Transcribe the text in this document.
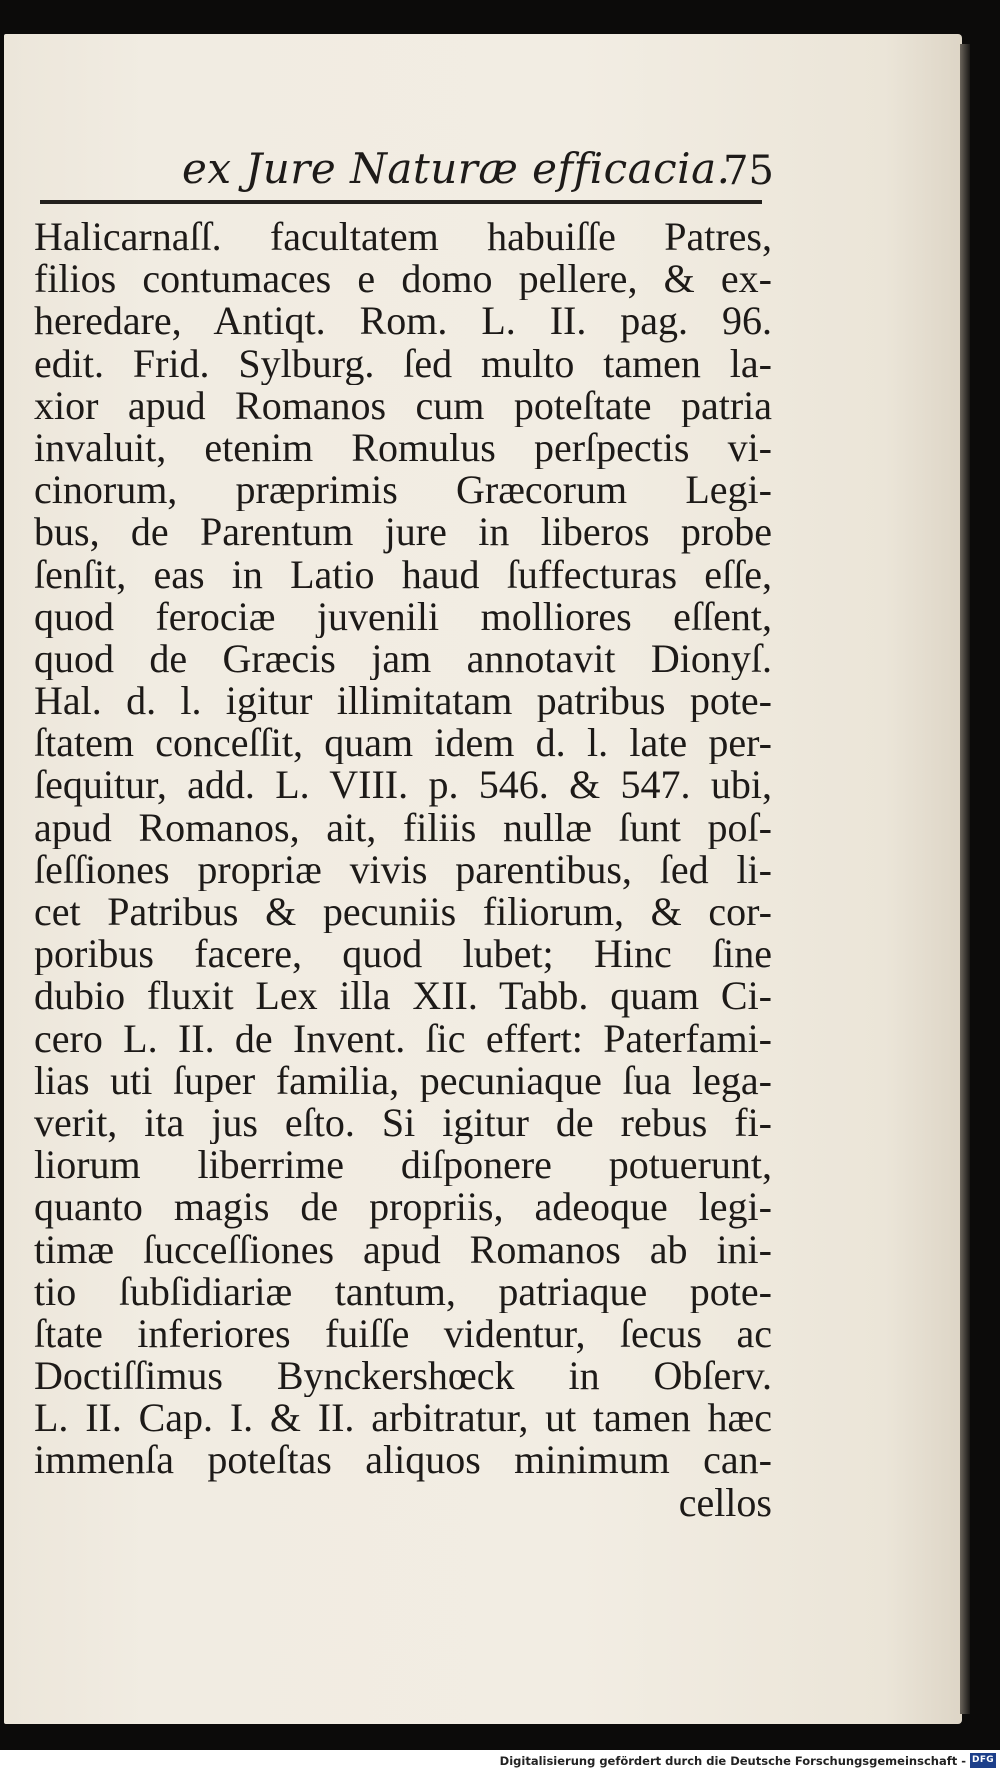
ex Jure Naturæ efficacia.
75
Halicarnaſſ. facultatem habuiſſe Patres,
filios contumaces e domo pellere, & ex-
heredare, Antiqt. Rom. L. II. pag. 96.
edit. Frid. Sylburg. ſed multo tamen la-
xior apud Romanos cum poteſtate patria
invaluit, etenim Romulus perſpectis vi-
cinorum, præprimis Græcorum Legi-
bus, de Parentum jure in liberos probe
ſenſit, eas in Latio haud ſuffecturas eſſe,
quod ferociæ juvenili molliores eſſent,
quod de Græcis jam annotavit Dionyſ.
Hal. d. l. igitur illimitatam patribus pote-
ſtatem conceſſit, quam idem d. l. late per-
ſequitur, add. L. VIII. p. 546. & 547. ubi,
apud Romanos, ait, filiis nullæ ſunt poſ-
ſeſſiones propriæ vivis parentibus, ſed li-
cet Patribus & pecuniis filiorum, & cor-
poribus facere, quod lubet; Hinc ſine
dubio fluxit Lex illa XII. Tabb. quam Ci-
cero L. II. de Invent. ſic effert: Paterfami-
lias uti ſuper familia, pecuniaque ſua lega-
verit, ita jus eſto. Si igitur de rebus fi-
liorum liberrime diſponere potuerunt,
quanto magis de propriis, adeoque legi-
timæ ſucceſſiones apud Romanos ab ini-
tio ſubſidiariæ tantum, patriaque pote-
ſtate inferiores fuiſſe videntur, ſecus ac
Doctiſſimus Bynckershœck in Obſerv.
L. II. Cap. I. & II. arbitratur, ut tamen hæc
immenſa poteſtas aliquos minimum can-
cellos
Digitalisierung gefördert durch die Deutsche Forschungsgemeinschaft - DFG
